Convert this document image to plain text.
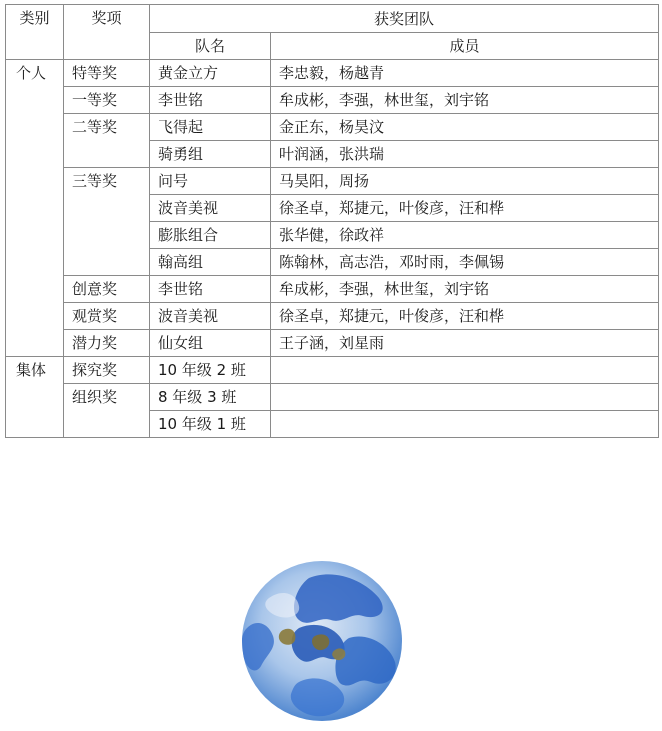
类别	奖项	获奖团队	
		队名	成员
个人	特等奖	黄金立方	李忠毅，杨越青
	一等奖	李世铭	牟成彬，李强，林世玺，刘宇铭
	二等奖	飞得起	金正东，杨昊汶
		骑勇组	叶润涵，张洪瑞
	三等奖	问号	马昊阳，周扬
		波音美视	徐圣卓，郑捷元，叶俊彦，汪和桦
		膨胀组合	张华健，徐政祥
		翰高组	陈翰林，高志浩，邓时雨，李佩锡
	创意奖	李世铭	牟成彬，李强，林世玺，刘宇铭
	观赏奖	波音美视	徐圣卓，郑捷元，叶俊彦，汪和桦
	潜力奖	仙女组	王子涵，刘星雨
集体	探究奖	10 年级 2 班	
	组织奖	8 年级 3 班	
		10 年级 1 班	
